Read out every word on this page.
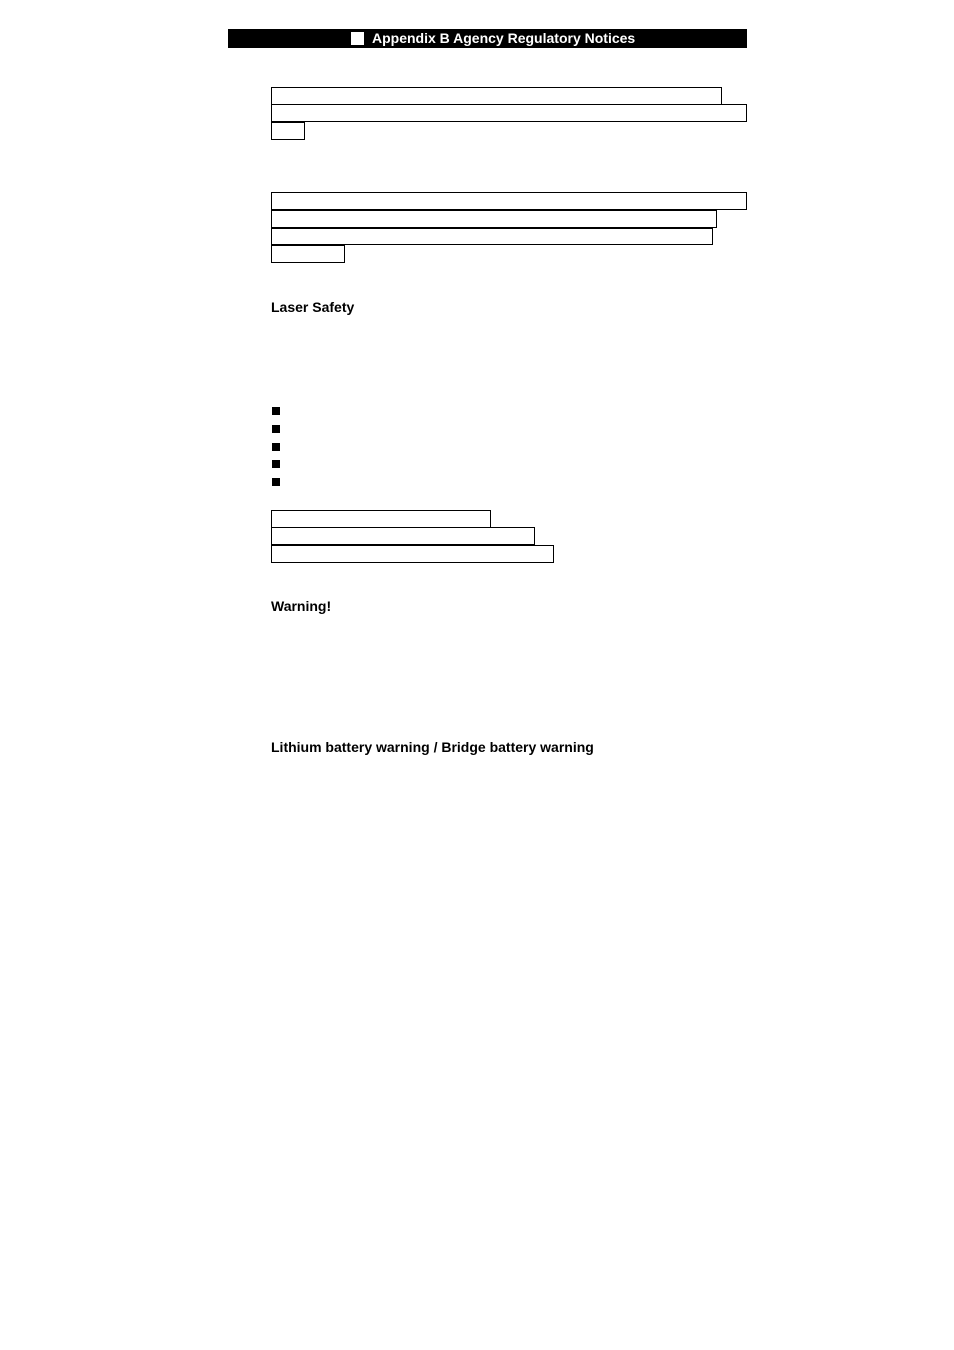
Appendix B Agency Regulatory Notices
Laser Safety
Warning!
Lithium battery warning / Bridge battery warning
